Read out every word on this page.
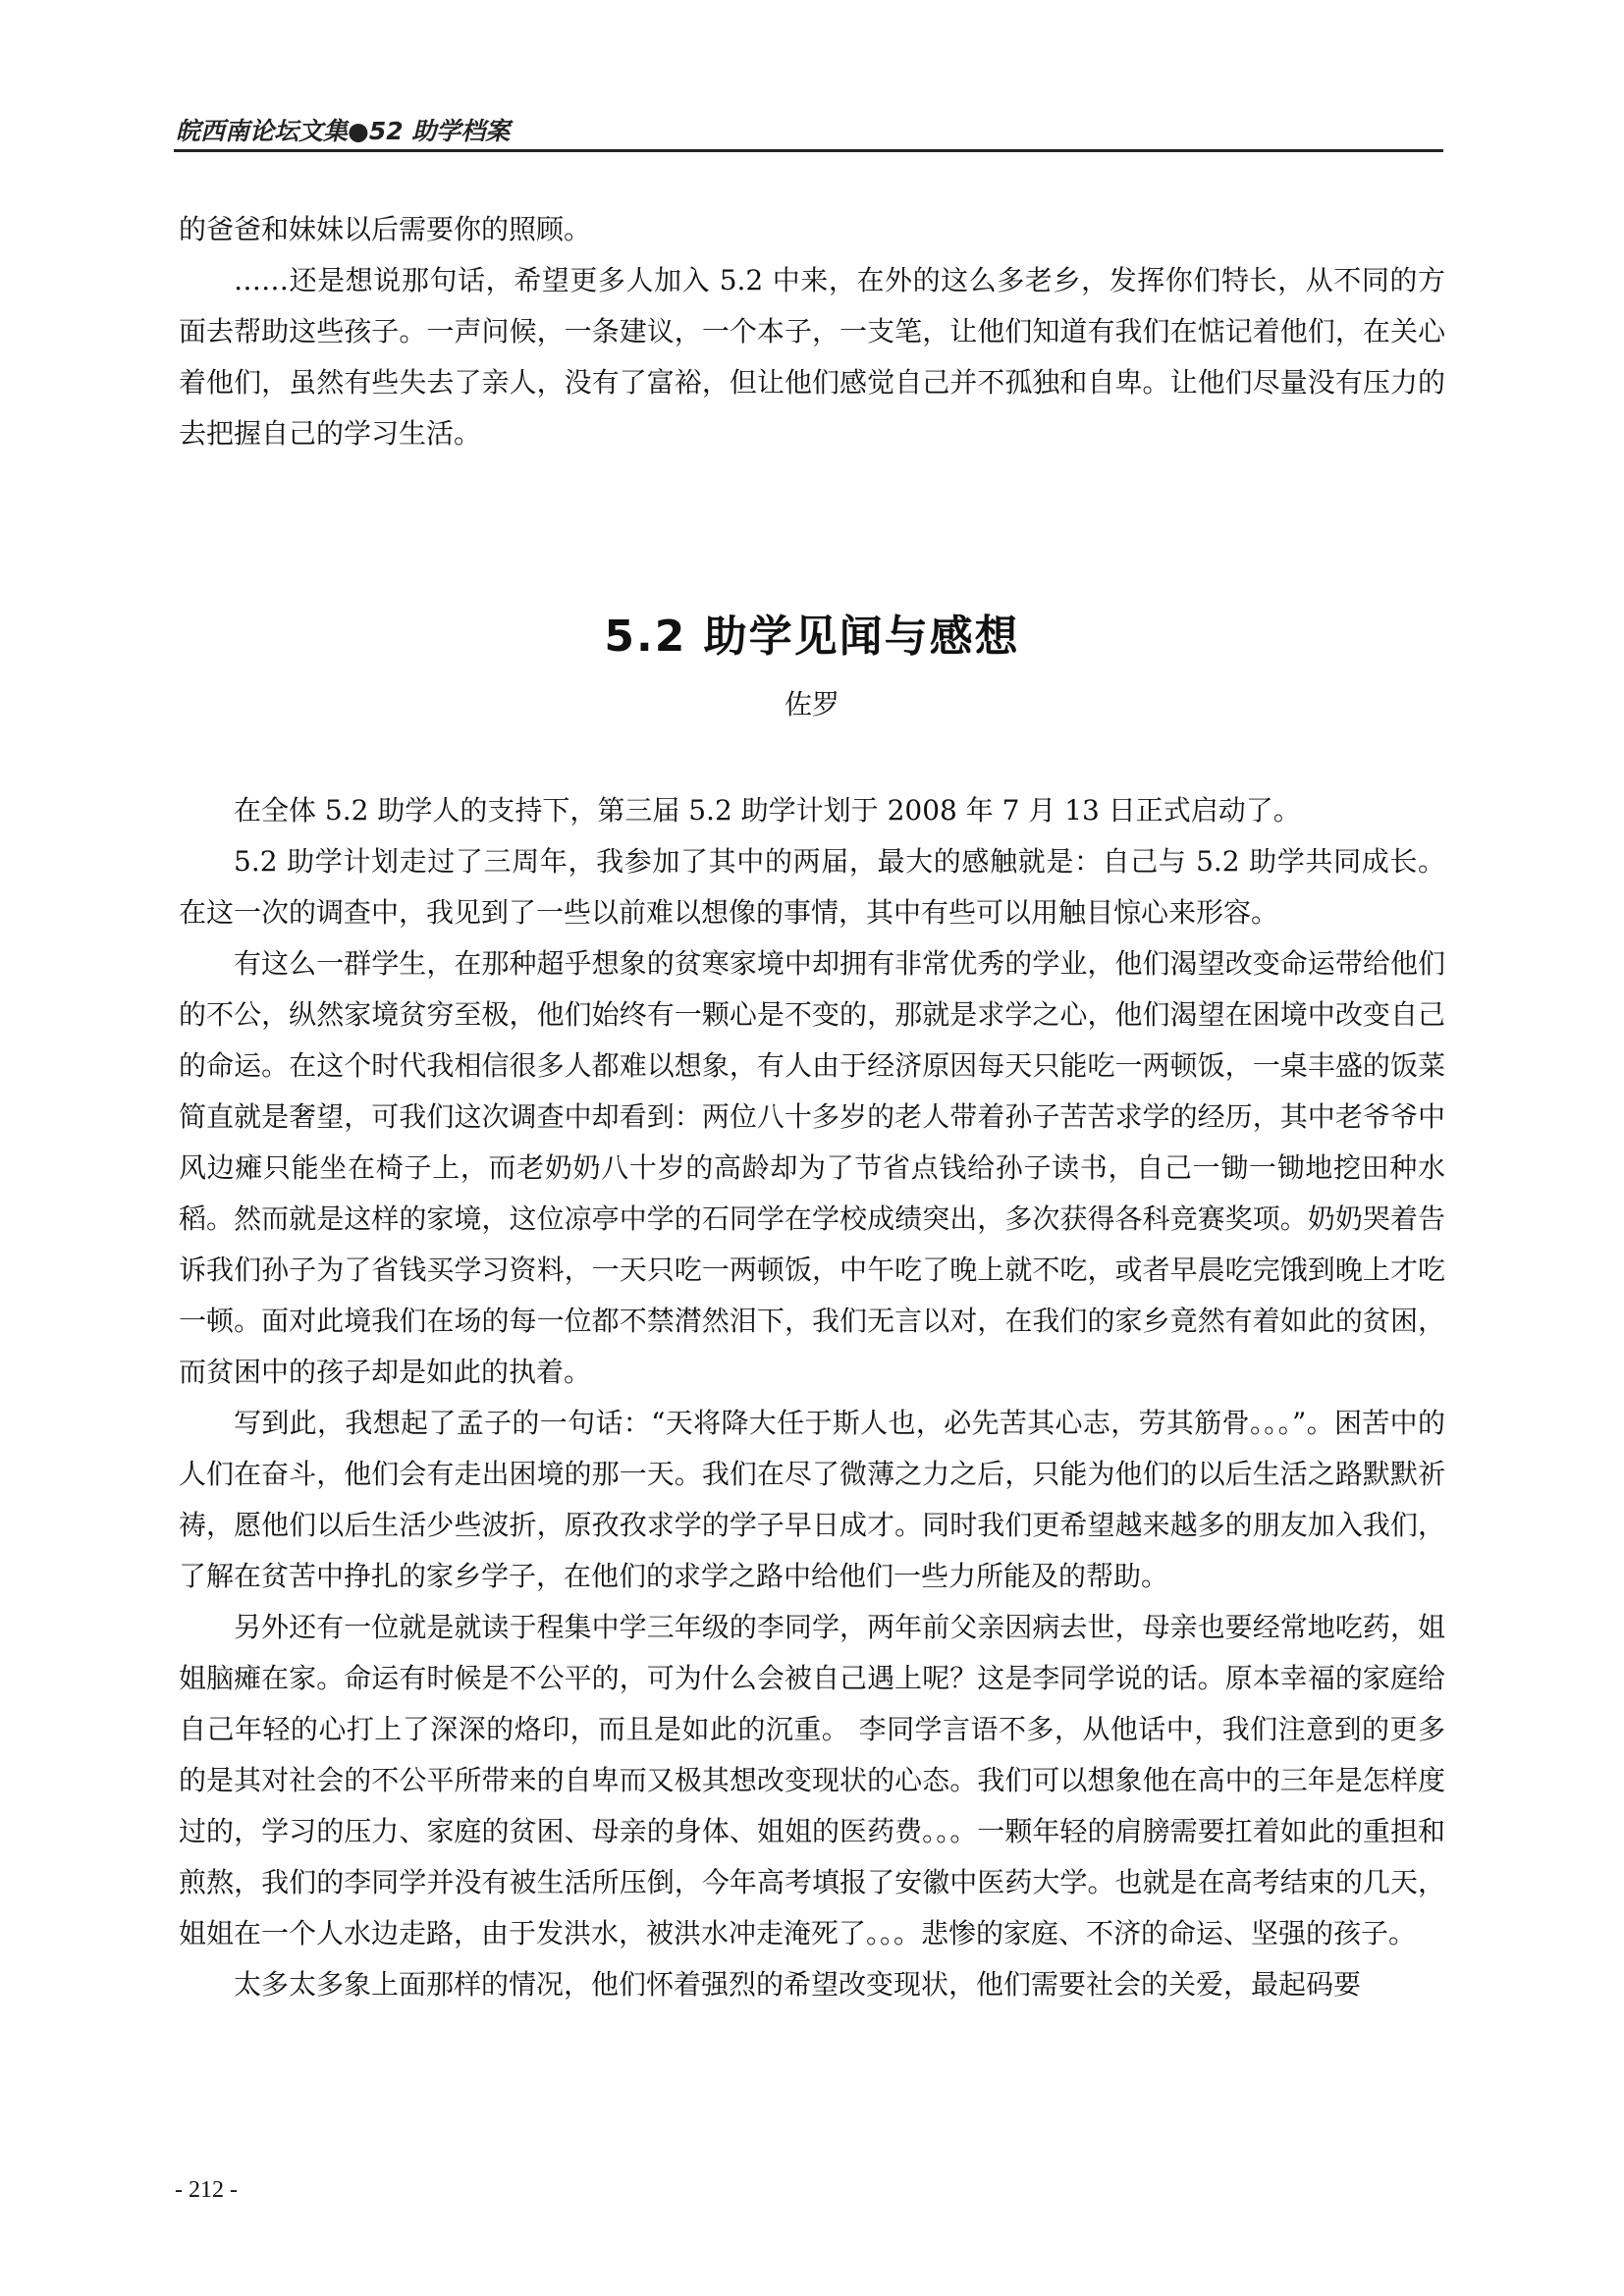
皖西南论坛文集●52 助学档案

的爸爸和妹妹以后需要你的照顾。

……还是想说那句话，希望更多人加入 5.2 中来，在外的这么多老乡，发挥你们特长，从不同的方面去帮助这些孩子。一声问候，一条建议，一个本子，一支笔，让他们知道有我们在惦记着他们，在关心着他们，虽然有些失去了亲人，没有了富裕，但让他们感觉自己并不孤独和自卑。让他们尽量没有压力的去把握自己的学习生活。

5.2 助学见闻与感想
佐罗

在全体 5.2 助学人的支持下，第三届 5.2 助学计划于 2008 年 7 月 13 日正式启动了。

5.2 助学计划走过了三周年，我参加了其中的两届，最大的感触就是：自己与 5.2 助学共同成长。在这一次的调查中，我见到了一些以前难以想像的事情，其中有些可以用触目惊心来形容。

有这么一群学生，在那种超乎想象的贫寒家境中却拥有非常优秀的学业，他们渴望改变命运带给他们的不公，纵然家境贫穷至极，他们始终有一颗心是不变的，那就是求学之心，他们渴望在困境中改变自己的命运。在这个时代我相信很多人都难以想象，有人由于经济原因每天只能吃一两顿饭，一桌丰盛的饭菜简直就是奢望，可我们这次调查中却看到：两位八十多岁的老人带着孙子苦苦求学的经历，其中老爷爷中风边瘫只能坐在椅子上，而老奶奶八十岁的高龄却为了节省点钱给孙子读书，自己一锄一锄地挖田种水稻。然而就是这样的家境，这位凉亭中学的石同学在学校成绩突出，多次获得各科竞赛奖项。奶奶哭着告诉我们孙子为了省钱买学习资料，一天只吃一两顿饭，中午吃了晚上就不吃，或者早晨吃完饿到晚上才吃一顿。面对此境我们在场的每一位都不禁潸然泪下，我们无言以对，在我们的家乡竟然有着如此的贫困，而贫困中的孩子却是如此的执着。

写到此，我想起了孟子的一句话：“天将降大任于斯人也，必先苦其心志，劳其筋骨。。。”。困苦中的人们在奋斗，他们会有走出困境的那一天。我们在尽了微薄之力之后，只能为他们的以后生活之路默默祈祷，愿他们以后生活少些波折，原孜孜求学的学子早日成才。同时我们更希望越来越多的朋友加入我们，了解在贫苦中挣扎的家乡学子，在他们的求学之路中给他们一些力所能及的帮助。

另外还有一位就是就读于程集中学三年级的李同学，两年前父亲因病去世，母亲也要经常地吃药，姐姐脑瘫在家。命运有时候是不公平的，可为什么会被自己遇上呢？这是李同学说的话。原本幸福的家庭给自己年轻的心打上了深深的烙印，而且是如此的沉重。 李同学言语不多，从他话中，我们注意到的更多的是其对社会的不公平所带来的自卑而又极其想改变现状的心态。我们可以想象他在高中的三年是怎样度过的，学习的压力、家庭的贫困、母亲的身体、姐姐的医药费。。。一颗年轻的肩膀需要扛着如此的重担和煎熬，我们的李同学并没有被生活所压倒，今年高考填报了安徽中医药大学。也就是在高考结束的几天，姐姐在一个人水边走路，由于发洪水，被洪水冲走淹死了。。。悲惨的家庭、不济的命运、坚强的孩子。

太多太多象上面那样的情况，他们怀着强烈的希望改变现状，他们需要社会的关爱，最起码要

- 212 -
